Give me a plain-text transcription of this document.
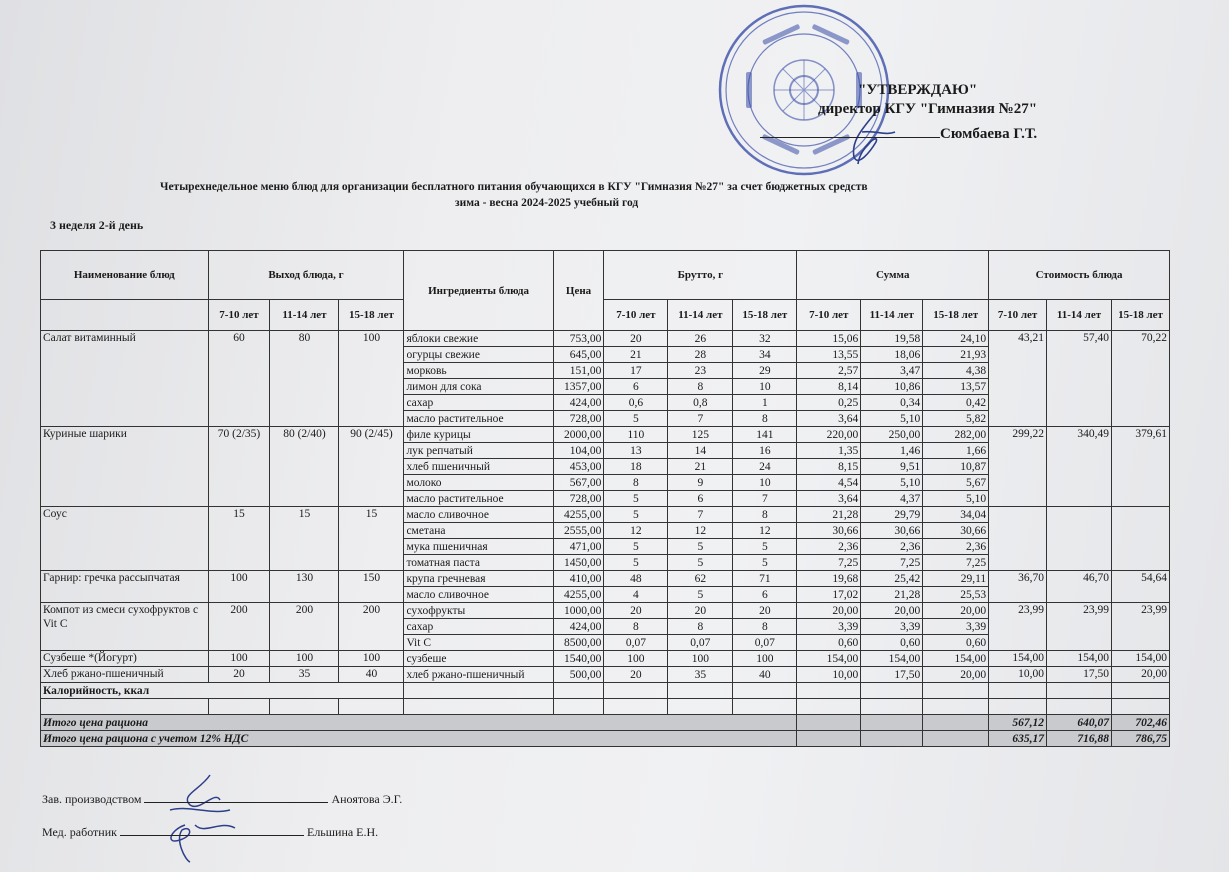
"УТВЕРЖДАЮ"
директор КГУ "Гимназия №27"
Сюмбаева Г.Т.
Четырехнедельное меню блюд для организации бесплатного питания обучающихся в КГУ "Гимназия №27" за счет бюджетных средств
зима - весна 2024-2025 учебный год
3 неделя 2-й день
Наименование блюд	Выход блюда, г			Ингредиенты блюда	Цена	Брутто, г			Сумма			Стоимость блюда		

	7-10 лет	11-14 лет	15-18 лет			7-10 лет	11-14 лет	15-18 лет	7-10 лет	11-14 лет	15-18 лет	7-10 лет	11-14 лет	15-18 лет
Салат витаминный	60	80	100	яблоки свежие	753,00	20	26	32	15,06	19,58	24,10	43,21	57,40	70,22
				огурцы свежие	645,00	21	28	34	13,55	18,06	21,93			
				морковь	151,00	17	23	29	2,57	3,47	4,38			
				лимон для сока	1357,00	6	8	10	8,14	10,86	13,57			
				сахар	424,00	0,6	0,8	1	0,25	0,34	0,42			
				масло растительное	728,00	5	7	8	3,64	5,10	5,82			
Куриные шарики	70 (2/35)	80 (2/40)	90 (2/45)	филе курицы	2000,00	110	125	141	220,00	250,00	282,00	299,22	340,49	379,61
				лук репчатый	104,00	13	14	16	1,35	1,46	1,66			
				хлеб пшеничный	453,00	18	21	24	8,15	9,51	10,87			
				молоко	567,00	8	9	10	4,54	5,10	5,67			
				масло растительное	728,00	5	6	7	3,64	4,37	5,10			
Соус	15	15	15	масло сливочное	4255,00	5	7	8	21,28	29,79	34,04			
				сметана	2555,00	12	12	12	30,66	30,66	30,66			
				мука пшеничная	471,00	5	5	5	2,36	2,36	2,36			
				томатная паста	1450,00	5	5	5	7,25	7,25	7,25			
Гарнир: гречка рассыпчатая	100	130	150	крупа гречневая	410,00	48	62	71	19,68	25,42	29,11	36,70	46,70	54,64
				масло сливочное	4255,00	4	5	6	17,02	21,28	25,53			
Компот из смеси сухофруктов с Vit C	200	200	200	сухофрукты	1000,00	20	20	20	20,00	20,00	20,00	23,99	23,99	23,99
				сахар	424,00	8	8	8	3,39	3,39	3,39			
				Vit C	8500,00	0,07	0,07	0,07	0,60	0,60	0,60			
Сузбеше *(Йогурт)	100	100	100	сузбеше	1540,00	100	100	100	154,00	154,00	154,00	154,00	154,00	154,00
Хлеб ржано-пшеничный	20	35	40	хлеб ржано-пшеничный	500,00	20	35	40	10,00	17,50	20,00	10,00	17,50	20,00
Калорийность, ккал														

Итого цена рациона												567,12	640,07	702,46
Итого цена рациона с учетом 12% НДС												635,17	716,88	786,75
Зав. производством	Аноятова Э.Г.
Мед. работник	Ельшина Е.Н.
